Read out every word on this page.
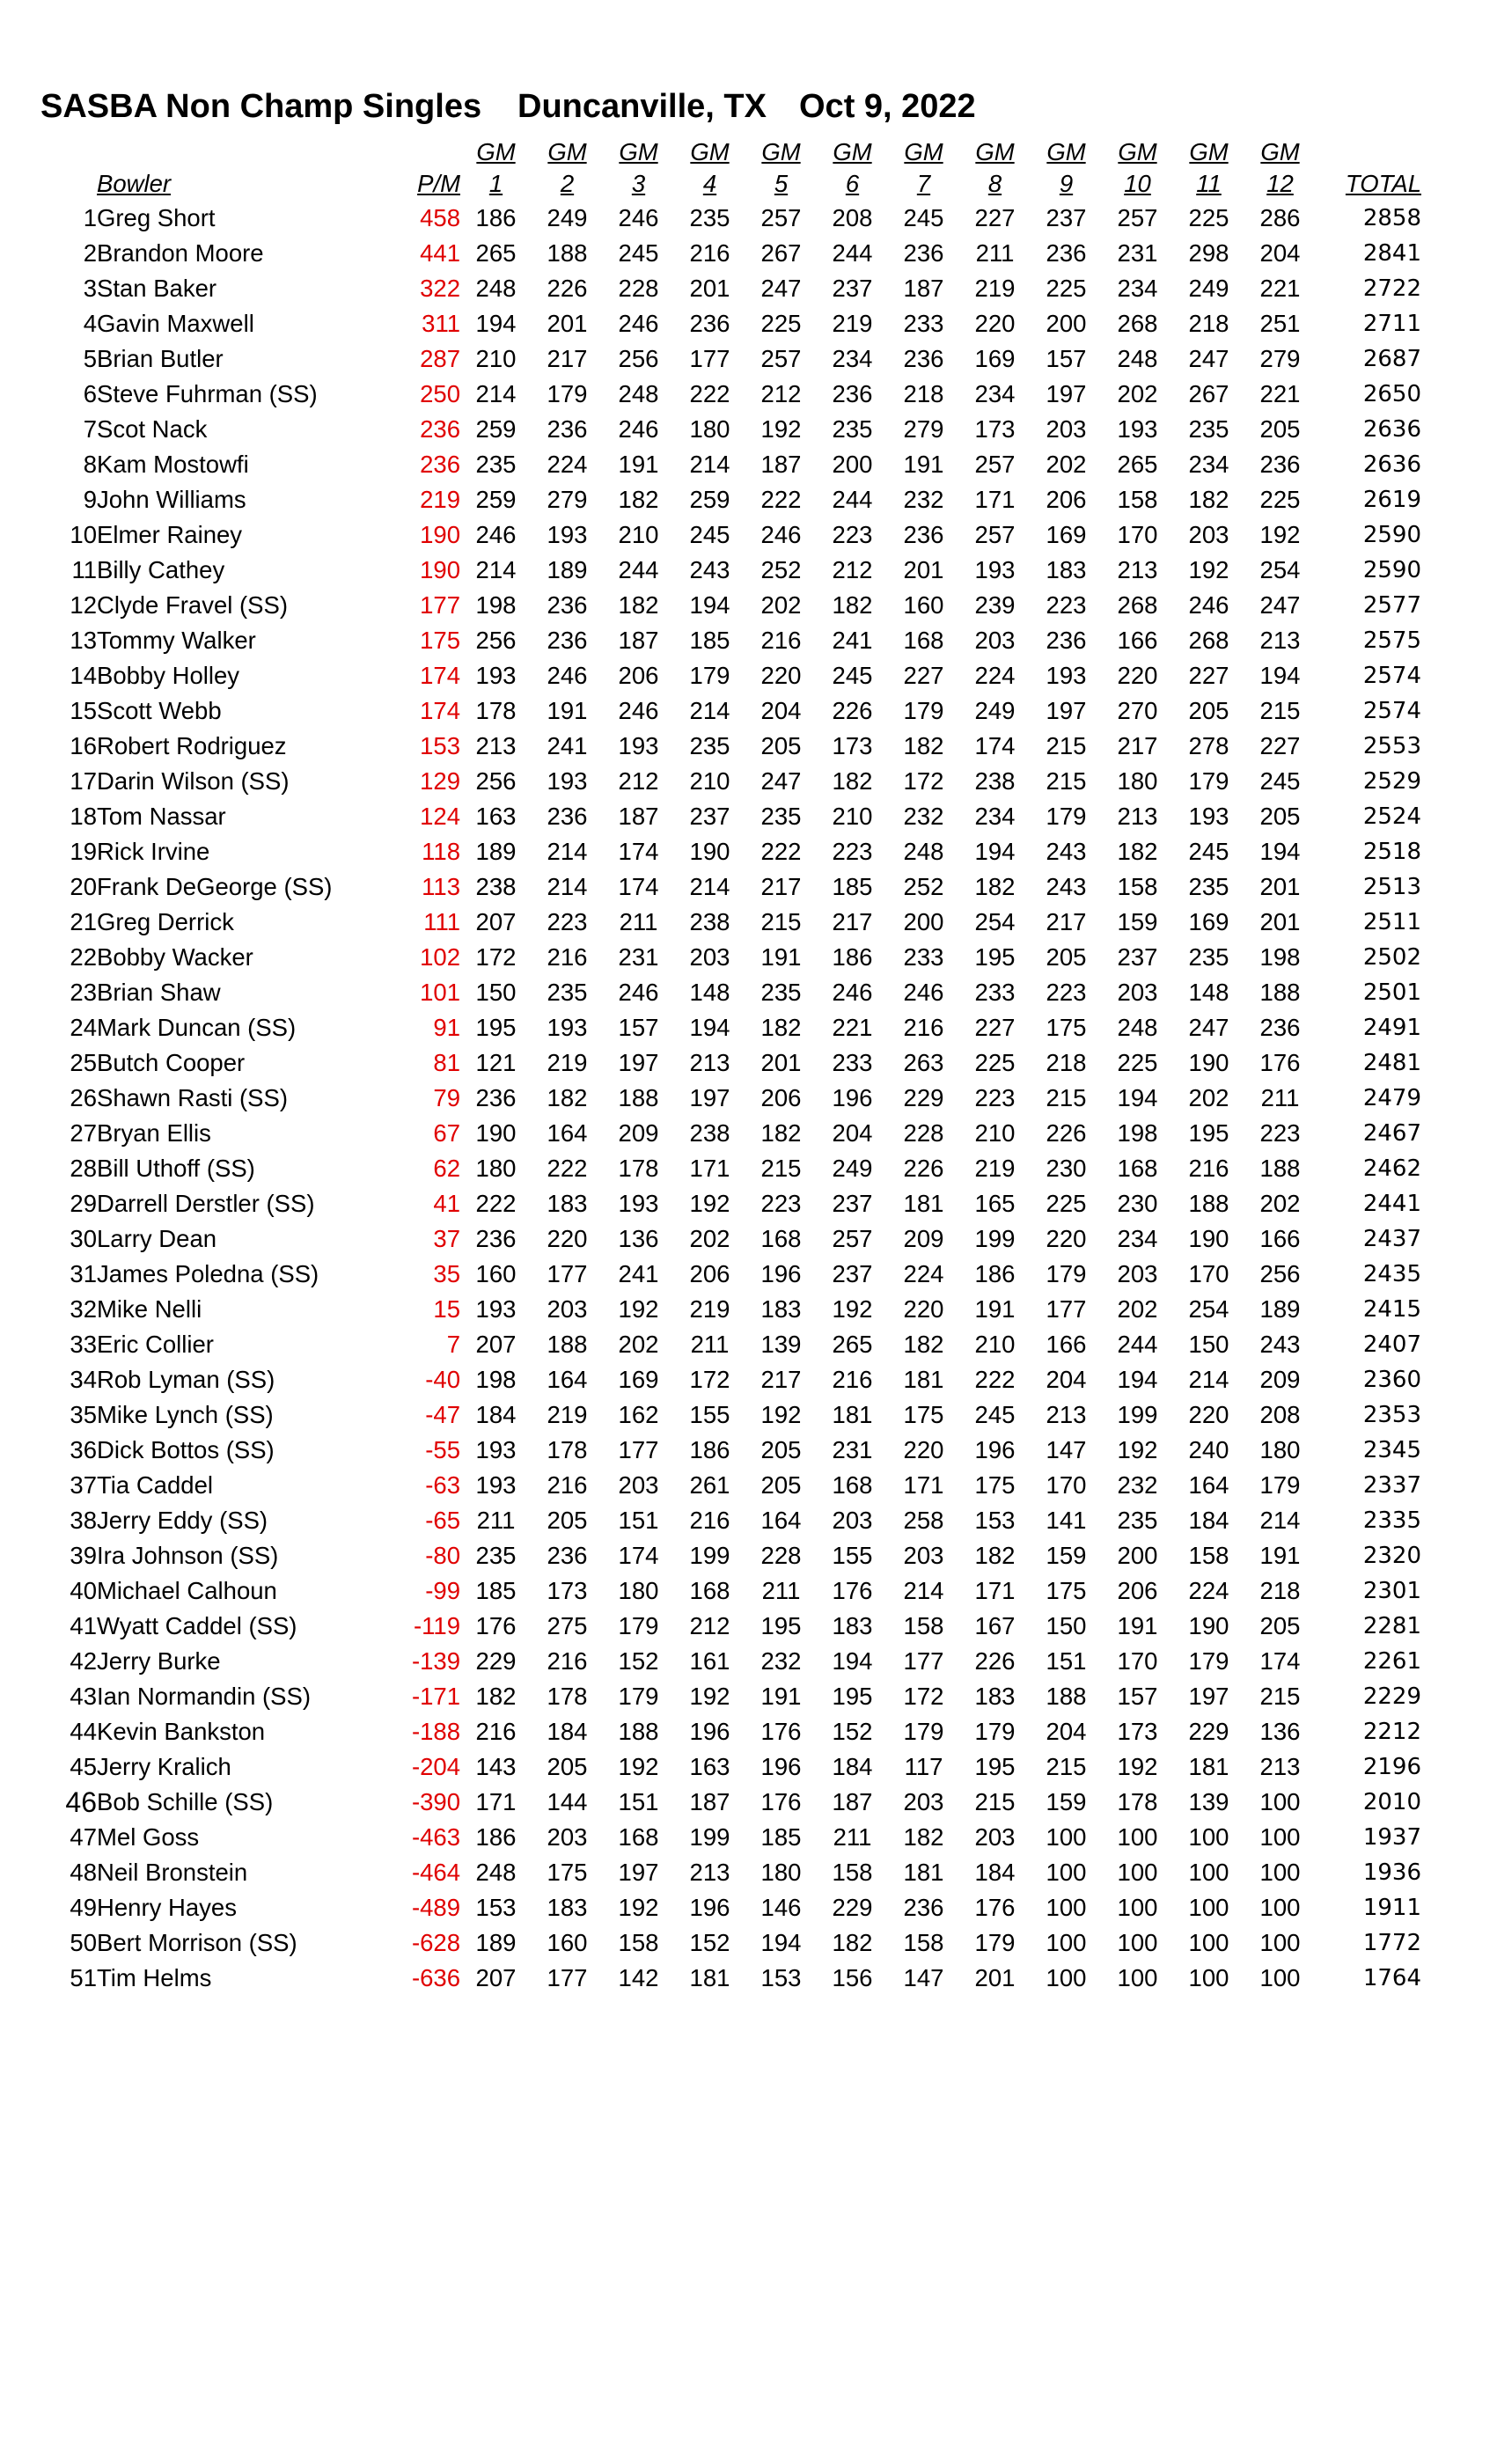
SASBA Non Champ Singles Duncanville, TX Oct 9, 2022
			GM	GM	GM	GM	GM	GM	GM	GM	GM	GM	GM	GM	
	Bowler	P/M	1	2	3	4	5	6	7	8	9	10	11	12	TOTAL
1	Greg Short	458	186	249	246	235	257	208	245	227	237	257	225	286	2858
2	Brandon Moore	441	265	188	245	216	267	244	236	211	236	231	298	204	2841
3	Stan Baker	322	248	226	228	201	247	237	187	219	225	234	249	221	2722
4	Gavin Maxwell	311	194	201	246	236	225	219	233	220	200	268	218	251	2711
5	Brian Butler	287	210	217	256	177	257	234	236	169	157	248	247	279	2687
6	Steve Fuhrman (SS)	250	214	179	248	222	212	236	218	234	197	202	267	221	2650
7	Scot Nack	236	259	236	246	180	192	235	279	173	203	193	235	205	2636
8	Kam Mostowfi	236	235	224	191	214	187	200	191	257	202	265	234	236	2636
9	John Williams	219	259	279	182	259	222	244	232	171	206	158	182	225	2619
10	Elmer Rainey	190	246	193	210	245	246	223	236	257	169	170	203	192	2590
11	Billy Cathey	190	214	189	244	243	252	212	201	193	183	213	192	254	2590
12	Clyde Fravel (SS)	177	198	236	182	194	202	182	160	239	223	268	246	247	2577
13	Tommy Walker	175	256	236	187	185	216	241	168	203	236	166	268	213	2575
14	Bobby Holley	174	193	246	206	179	220	245	227	224	193	220	227	194	2574
15	Scott Webb	174	178	191	246	214	204	226	179	249	197	270	205	215	2574
16	Robert Rodriguez	153	213	241	193	235	205	173	182	174	215	217	278	227	2553
17	Darin Wilson (SS)	129	256	193	212	210	247	182	172	238	215	180	179	245	2529
18	Tom Nassar	124	163	236	187	237	235	210	232	234	179	213	193	205	2524
19	Rick Irvine	118	189	214	174	190	222	223	248	194	243	182	245	194	2518
20	Frank DeGeorge (SS)	113	238	214	174	214	217	185	252	182	243	158	235	201	2513
21	Greg Derrick	111	207	223	211	238	215	217	200	254	217	159	169	201	2511
22	Bobby Wacker	102	172	216	231	203	191	186	233	195	205	237	235	198	2502
23	Brian Shaw	101	150	235	246	148	235	246	246	233	223	203	148	188	2501
24	Mark Duncan (SS)	91	195	193	157	194	182	221	216	227	175	248	247	236	2491
25	Butch Cooper	81	121	219	197	213	201	233	263	225	218	225	190	176	2481
26	Shawn Rasti (SS)	79	236	182	188	197	206	196	229	223	215	194	202	211	2479
27	Bryan Ellis	67	190	164	209	238	182	204	228	210	226	198	195	223	2467
28	Bill Uthoff (SS)	62	180	222	178	171	215	249	226	219	230	168	216	188	2462
29	Darrell Derstler (SS)	41	222	183	193	192	223	237	181	165	225	230	188	202	2441
30	Larry Dean	37	236	220	136	202	168	257	209	199	220	234	190	166	2437
31	James Poledna (SS)	35	160	177	241	206	196	237	224	186	179	203	170	256	2435
32	Mike Nelli	15	193	203	192	219	183	192	220	191	177	202	254	189	2415
33	Eric Collier	7	207	188	202	211	139	265	182	210	166	244	150	243	2407
34	Rob Lyman (SS)	-40	198	164	169	172	217	216	181	222	204	194	214	209	2360
35	Mike Lynch (SS)	-47	184	219	162	155	192	181	175	245	213	199	220	208	2353
36	Dick Bottos (SS)	-55	193	178	177	186	205	231	220	196	147	192	240	180	2345
37	Tia Caddel	-63	193	216	203	261	205	168	171	175	170	232	164	179	2337
38	Jerry Eddy (SS)	-65	211	205	151	216	164	203	258	153	141	235	184	214	2335
39	Ira Johnson (SS)	-80	235	236	174	199	228	155	203	182	159	200	158	191	2320
40	Michael Calhoun	-99	185	173	180	168	211	176	214	171	175	206	224	218	2301
41	Wyatt Caddel (SS)	-119	176	275	179	212	195	183	158	167	150	191	190	205	2281
42	Jerry Burke	-139	229	216	152	161	232	194	177	226	151	170	179	174	2261
43	Ian Normandin (SS)	-171	182	178	179	192	191	195	172	183	188	157	197	215	2229
44	Kevin Bankston	-188	216	184	188	196	176	152	179	179	204	173	229	136	2212
45	Jerry Kralich	-204	143	205	192	163	196	184	117	195	215	192	181	213	2196
46	Bob Schille (SS)	-390	171	144	151	187	176	187	203	215	159	178	139	100	2010
47	Mel Goss	-463	186	203	168	199	185	211	182	203	100	100	100	100	1937
48	Neil Bronstein	-464	248	175	197	213	180	158	181	184	100	100	100	100	1936
49	Henry Hayes	-489	153	183	192	196	146	229	236	176	100	100	100	100	1911
50	Bert Morrison (SS)	-628	189	160	158	152	194	182	158	179	100	100	100	100	1772
51	Tim Helms	-636	207	177	142	181	153	156	147	201	100	100	100	100	1764
